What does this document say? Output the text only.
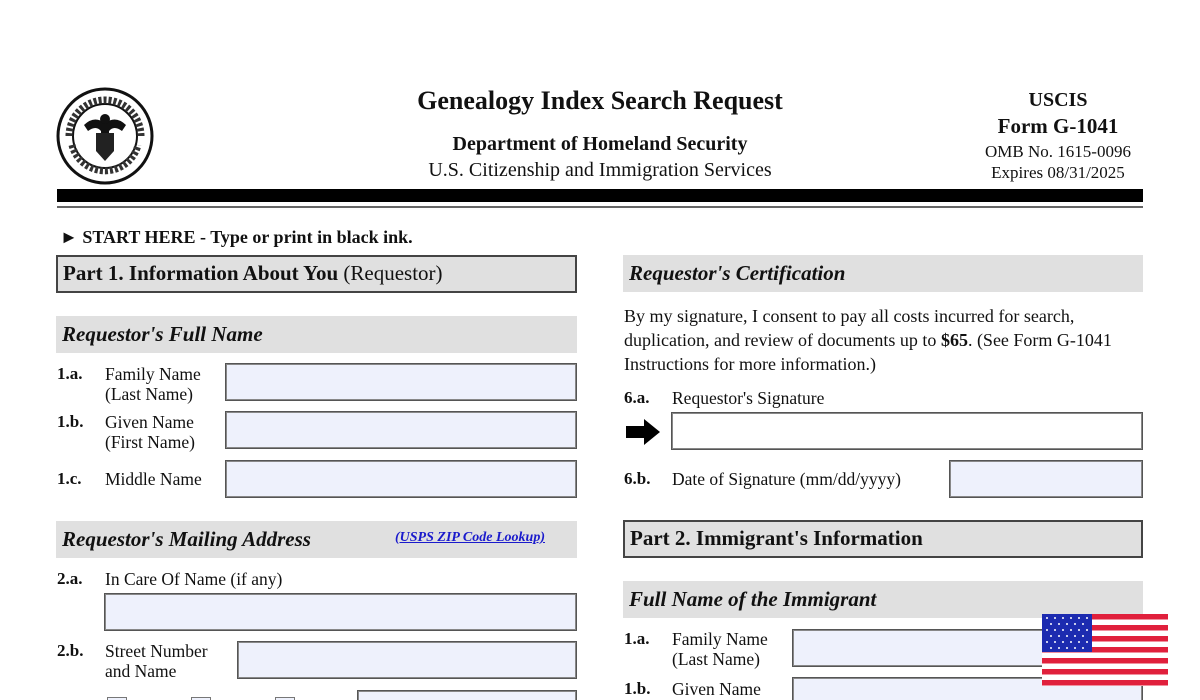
Genealogy Index Search Request
Department of Homeland Security
U.S. Citizenship and Immigration Services
USCIS
Form G-1041
OMB No. 1615-0096
Expires 08/31/2025
► START HERE - Type or print in black ink.
Part 1. Information About You (Requestor)
Requestor's Full Name
1.a. Family Name
(Last Name)
1.b. Given Name
(First Name)
1.c. Middle Name
Requestor's Mailing Address	(USPS ZIP Code Lookup)
2.a. In Care Of Name (if any)
2.b. Street Number
and Name
Requestor's Certification
By my signature, I consent to pay all costs incurred for search, duplication, and review of documents up to $65. (See Form G-1041 Instructions for more information.)
6.a. Requestor's Signature
6.b. Date of Signature (mm/dd/yyyy)
Part 2. Immigrant's Information
Full Name of the Immigrant
1.a. Family Name
(Last Name)
1.b. Given Name
